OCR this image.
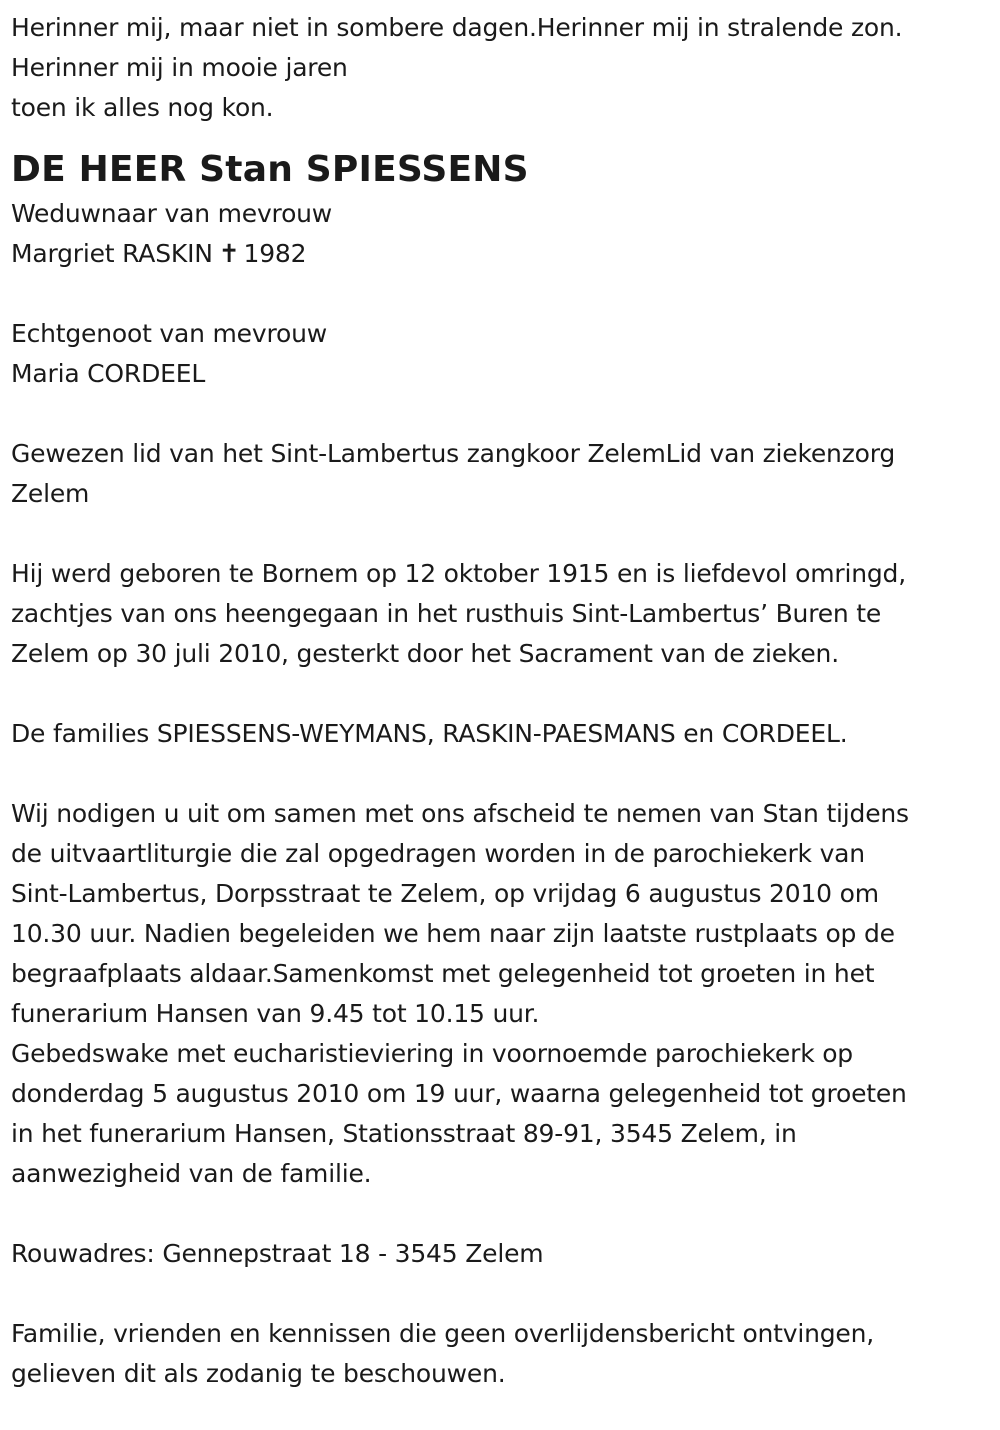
Herinner mij, maar niet in sombere dagen.Herinner mij in stralende zon.

Herinner mij in mooie jaren

toen ik alles nog kon.

DE HEER Stan SPIESSENS

Weduwnaar van mevrouw

Margriet RASKIN ✝ 1982

Echtgenoot van mevrouw

Maria CORDEEL

Gewezen lid van het Sint-Lambertus zangkoor ZelemLid van ziekenzorg

Zelem

Hij werd geboren te Bornem op 12 oktober 1915 en is liefdevol omringd,

zachtjes van ons heengegaan in het rusthuis Sint-Lambertus’ Buren te

Zelem op 30 juli 2010, gesterkt door het Sacrament van de zieken.

De families SPIESSENS-WEYMANS, RASKIN-PAESMANS en CORDEEL.

Wij nodigen u uit om samen met ons afscheid te nemen van Stan tijdens

de uitvaartliturgie die zal opgedragen worden in de parochiekerk van

Sint-Lambertus, Dorpsstraat te Zelem, op vrijdag 6 augustus 2010 om

10.30 uur. Nadien begeleiden we hem naar zijn laatste rustplaats op de

begraafplaats aldaar.Samenkomst met gelegenheid tot groeten in het

funerarium Hansen van 9.45 tot 10.15 uur.

Gebedswake met eucharistieviering in voornoemde parochiekerk op

donderdag 5 augustus 2010 om 19 uur, waarna gelegenheid tot groeten

in het funerarium Hansen, Stationsstraat 89-91, 3545 Zelem, in

aanwezigheid van de familie.

Rouwadres: Gennepstraat 18 - 3545 Zelem

Familie, vrienden en kennissen die geen overlijdensbericht ontvingen,

gelieven dit als zodanig te beschouwen.
